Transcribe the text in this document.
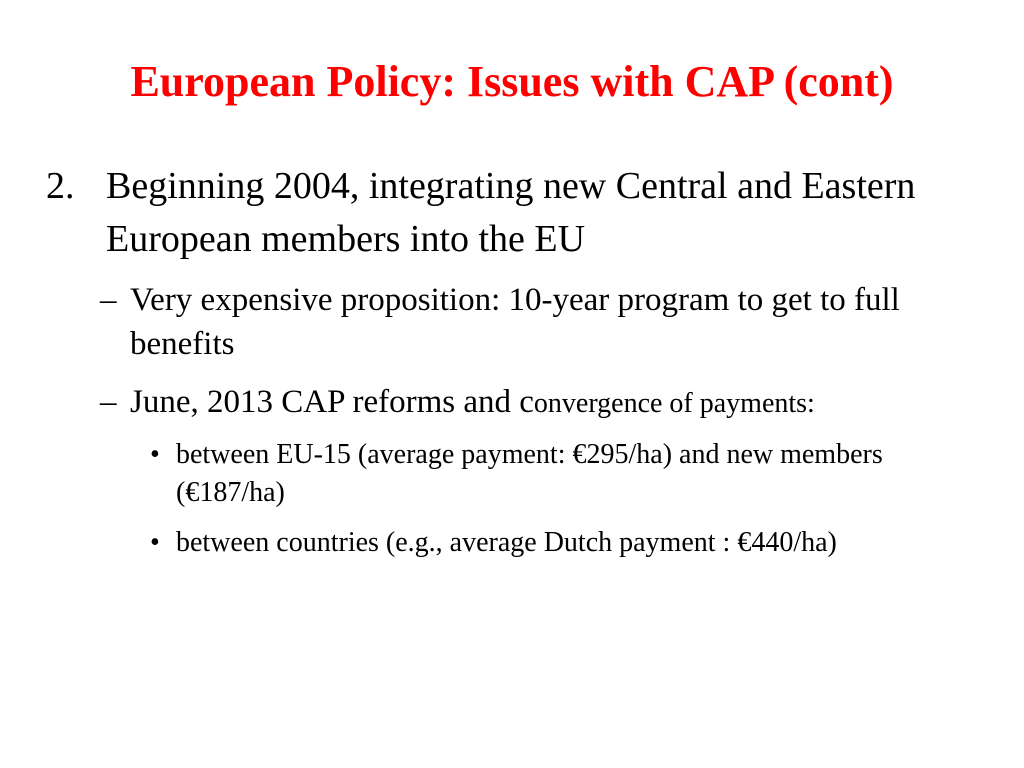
European Policy: Issues with CAP (cont)
2. Beginning 2004, integrating new Central and Eastern European members into the EU
– Very expensive proposition: 10-year program to get to full benefits
– June, 2013 CAP reforms and convergence of payments:
• between EU-15 (average payment: €295/ha) and new members (€187/ha)
• between countries (e.g., average Dutch payment : €440/ha)
